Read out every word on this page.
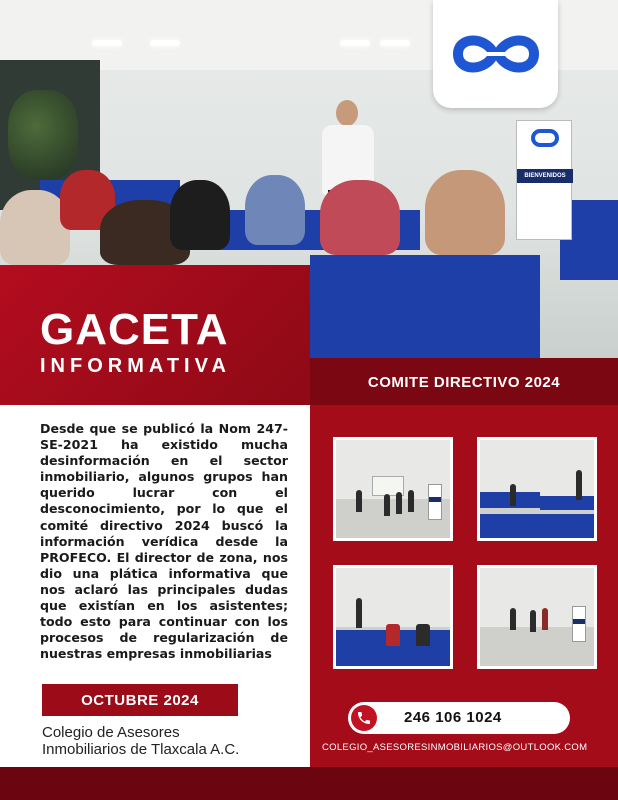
BIENVENIDOS
GACETA
INFORMATIVA
COMITE DIRECTIVO 2024
Desde que se publicó la Nom 247-SE-2021 ha existido mucha desinformación en el sector inmobiliario, algunos grupos han querido lucrar con el desconocimiento, por lo que el comité directivo 2024 buscó la información verídica desde la PROFECO. El director de zona, nos dio una plática informativa que nos aclaró las principales dudas que existían en los asistentes; todo esto para continuar con los procesos de regularización de nuestras empresas inmobiliarias
OCTUBRE 2024
Colegio de Asesores
Inmobiliarios de Tlaxcala A.C.
246 106 1024
COLEGIO_ASESORESINMOBILIARIOS@OUTLOOK.COM
